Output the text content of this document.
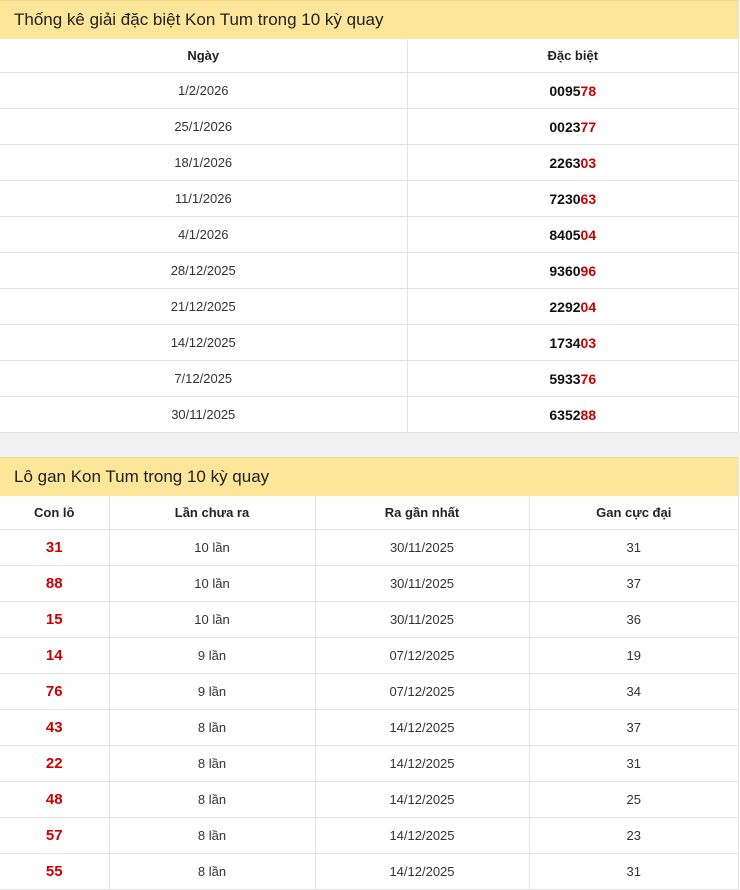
Thống kê giải đặc biệt Kon Tum trong 10 kỳ quay
Ngày	Đặc biệt
1/2/2026	009578
25/1/2026	002377
18/1/2026	226303
11/1/2026	723063
4/1/2026	840504
28/12/2025	936096
21/12/2025	229204
14/12/2025	173403
7/12/2025	593376
30/11/2025	635288
Lô gan Kon Tum trong 10 kỳ quay
Con lô	Lần chưa ra	Ra gần nhất	Gan cực đại
31	10 lần	30/11/2025	31
88	10 lần	30/11/2025	37
15	10 lần	30/11/2025	36
14	9 lần	07/12/2025	19
76	9 lần	07/12/2025	34
43	8 lần	14/12/2025	37
22	8 lần	14/12/2025	31
48	8 lần	14/12/2025	25
57	8 lần	14/12/2025	23
55	8 lần	14/12/2025	31
